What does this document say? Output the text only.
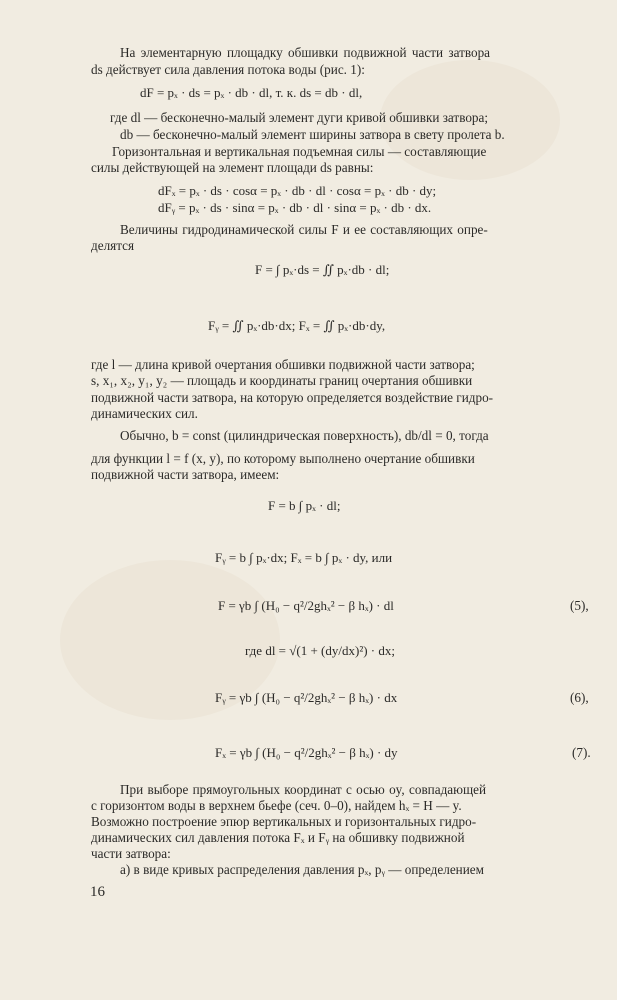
На элементарную площадку обшивки подвижной части затвора
ds действует сила давления потока воды (рис. 1):
dF = pₓ · ds = pₓ · db · dl, т. к. ds = db · dl,
где dl — бесконечно-малый элемент дуги кривой обшивки затвора;
db — бесконечно-малый элемент ширины затвора в свету пролета b.
Горизонтальная и вертикальная подъемная силы — составляющие
силы действующей на элемент площади ds равны:
dFₓ = pₓ · ds · cosα = pₓ · db · dl · cosα = pₓ · db · dy;
dFᵧ = pₓ · ds · sinα = pₓ · db · dl · sinα = pₓ · db · dx.
Величины гидродинамической силы F и ее составляющих опре-
делятся
F = ∫ pₓ·ds = ∬ pₓ·db · dl;
Fᵧ = ∬ pₓ·db·dx; Fₓ = ∬ pₓ·db·dy,
где l — длина кривой очертания обшивки подвижной части затвора;
s, x₁, x₂, y₁, y₂ — площадь и координаты границ очертания обшивки
подвижной части затвора, на которую определяется воздействие гидро-
динамических сил.
Обычно, b = const (цилиндрическая поверхность), db/dl = 0, тогда
для функции l = f (x, y), по которому выполнено очертание обшивки
подвижной части затвора, имеем:
F = b ∫ pₓ · dl;
Fᵧ = b ∫ pₓ·dx; Fₓ = b ∫ pₓ · dy, или
F = γb ∫ (H₀ − q²/2ghₓ² − β hₓ) · dl	(5),
где dl = √(1 + (dy/dx)²) · dx;
Fᵧ = γb ∫ (H₀ − q²/2ghₓ² − β hₓ) · dx	(6),
Fₓ = γb ∫ (H₀ − q²/2ghₓ² − β hₓ) · dy	(7).
При выборе прямоугольных координат с осью oy, совпадающей
с горизонтом воды в верхнем бьефе (сеч. 0–0), найдем hₓ = H — y.
Возможно построение эпюр вертикальных и горизонтальных гидро-
динамических сил давления потока Fₓ и Fᵧ на обшивку подвижной
части затвора:
а) в виде кривых распределения давления pₓ, pᵧ — определением
16
